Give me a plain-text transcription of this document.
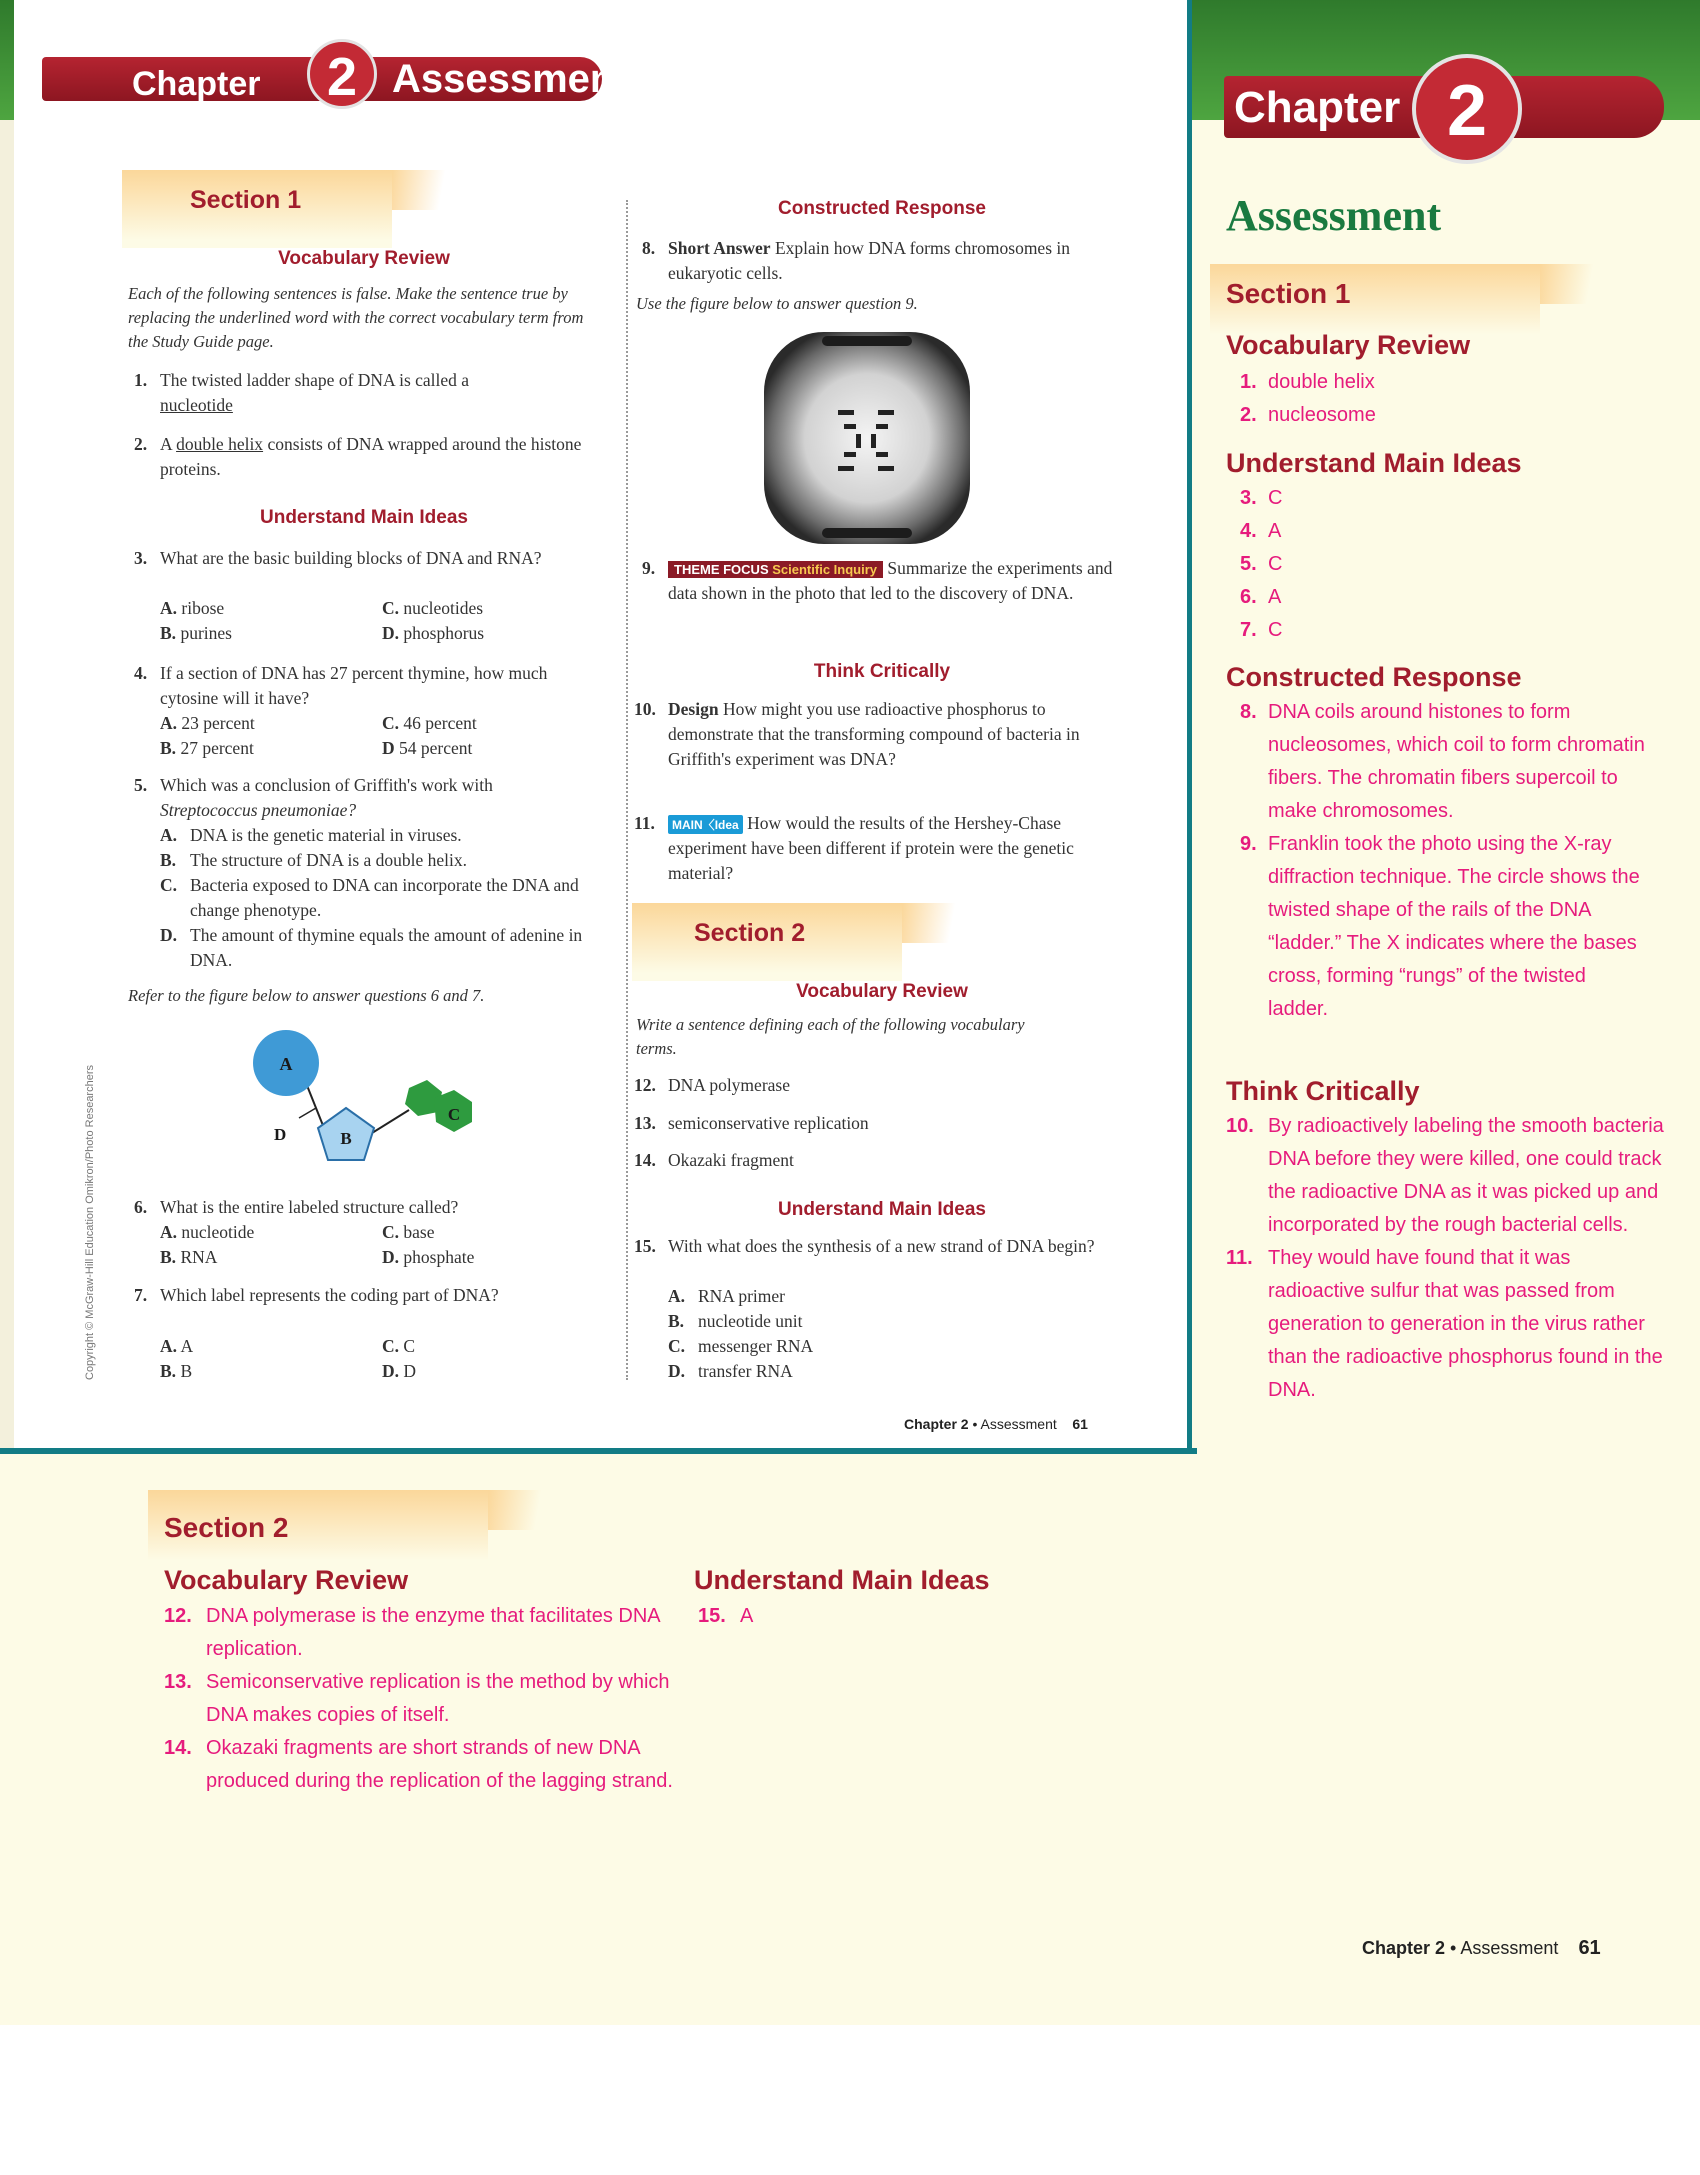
Chapter	2 Assessment
Copyright © McGraw-Hill Education Omikron/Photo Researchers
Section 1
Vocabulary Review
Each of the following sentences is false. Make the sentence true by replacing the underlined word with the correct vocabulary term from the Study Guide page.
1. The twisted ladder shape of DNA is called a
nucleotide
2. A double helix consists of DNA wrapped around the histone proteins.
Understand Main Ideas
3. What are the basic building blocks of DNA and RNA?
A. ribose
B. purines
C. nucleotides
D. phosphorus
4. If a section of DNA has 27 percent thymine, how much cytosine will it have?
A. 23 percent
B. 27 percent
C. 46 percent
D 54 percent
5. Which was a conclusion of Griffith's work with
Streptococcus pneumoniae?
A. DNA is the genetic material in viruses.
B. The structure of DNA is a double helix.
C. Bacteria exposed to DNA can incorporate the DNA and change phenotype.
D. The amount of thymine equals the amount of adenine in DNA.
Refer to the figure below to answer questions 6 and 7.
A
B
C
D
6. What is the entire labeled structure called?
A. nucleotide
B. RNA
C. base
D. phosphate
7. Which label represents the coding part of DNA?
A. A
B. B
C. C
D. D
Constructed Response
8. Short Answer Explain how DNA forms chromosomes in eukaryotic cells.
Use the figure below to answer question 9.
9.	THEME FOCUS Scientific Inquiry Summarize the experiments and data shown in the photo that led to the discovery of DNA.
Think Critically
10. Design How might you use radioactive phosphorus to demonstrate that the transforming compound of bacteria in Griffith's experiment was DNA?
11.	MAIN〈Idea How would the results of the Hershey-Chase experiment have been different if protein were the genetic material?
Section 2
Vocabulary Review
Write a sentence defining each of the following vocabulary terms.
12. DNA polymerase
13. semiconservative replication
14. Okazaki fragment
Understand Main Ideas
15. With what does the synthesis of a new strand of DNA begin?
A. RNA primer
B. nucleotide unit
C. messenger RNA
D. transfer RNA
Chapter 2 • Assessment 61
Chapter 2
Assessment
Section 1
Vocabulary Review
1. double helix
2. nucleosome
Understand Main Ideas
3. C
4. A
5. C
6. A
7. C
Constructed Response
8. DNA coils around histones to form nucleosomes, which coil to form chromatin fibers. The chromatin fibers supercoil to make chromosomes.
9. Franklin took the photo using the X-ray diffraction technique. The circle shows the twisted shape of the rails of the DNA “ladder.” The X indicates where the bases cross, forming “rungs” of the twisted ladder.
Think Critically
10. By radioactively labeling the smooth bacteria DNA before they were killed, one could track the radioactive DNA as it was picked up and incorporated by the rough bacterial cells.
11. They would have found that it was radioactive sulfur that was passed from generation to generation in the virus rather than the radioactive phosphorus found in the DNA.
Section 2
Vocabulary Review
12. DNA polymerase is the enzyme that facilitates DNA replication.
13. Semiconservative replication is the method by which DNA makes copies of itself.
14. Okazaki fragments are short strands of new DNA produced during the replication of the lagging strand.
Understand Main Ideas
15. A
Chapter 2 • Assessment 61
